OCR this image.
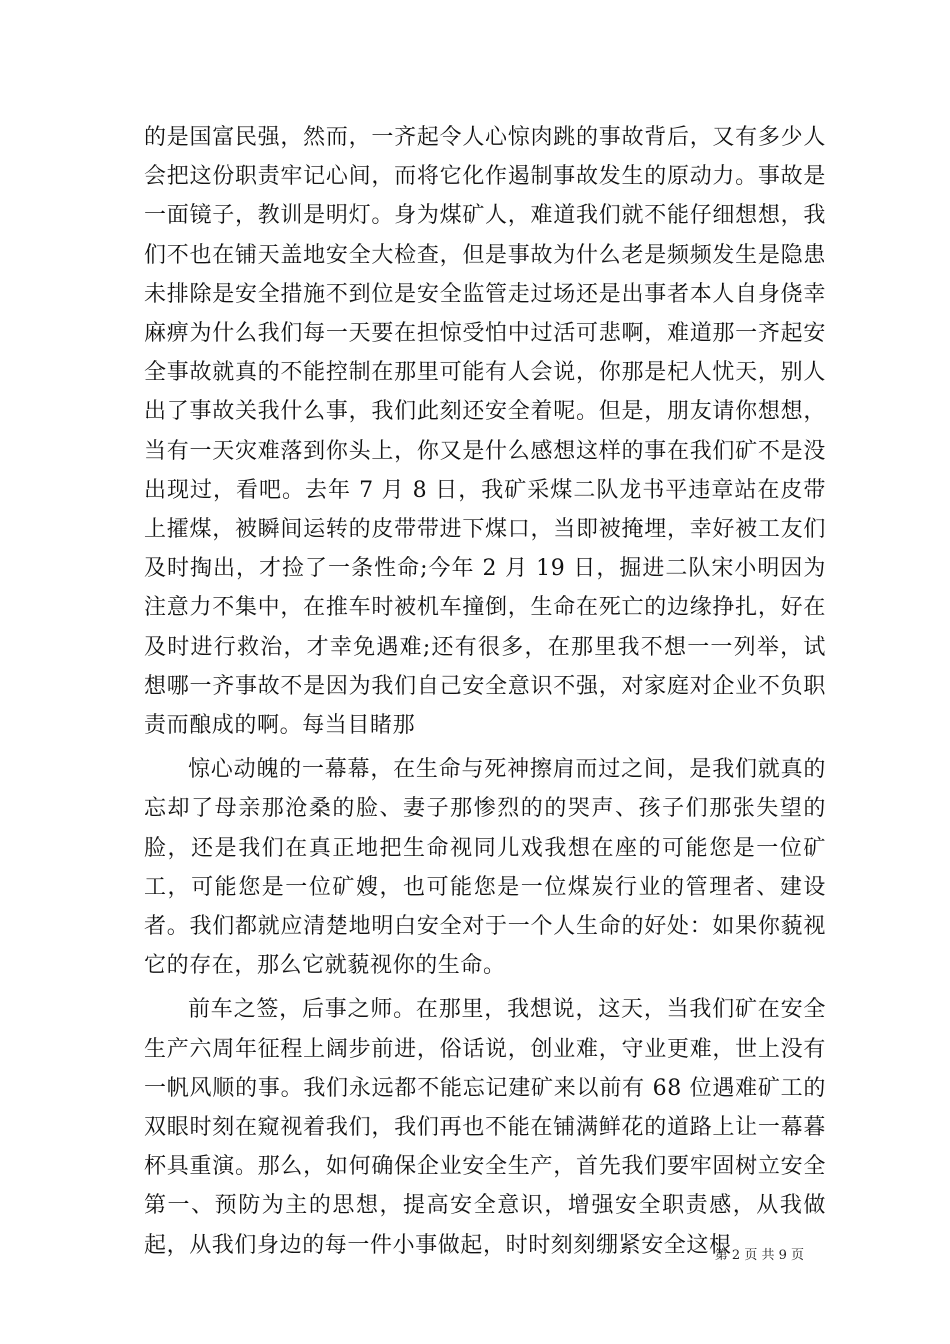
的是国富民强，然而，一齐起令人心惊肉跳的事故背后，又有多少人会把这份职责牢记心间，而将它化作遏制事故发生的原动力。事故是一面镜子，教训是明灯。身为煤矿人，难道我们就不能仔细想想，我们不也在铺天盖地安全大检查，但是事故为什么老是频频发生是隐患未排除是安全措施不到位是安全监管走过场还是出事者本人自身侥幸麻痹为什么我们每一天要在担惊受怕中过活可悲啊，难道那一齐起安全事故就真的不能控制在那里可能有人会说，你那是杞人忧天，别人出了事故关我什么事，我们此刻还安全着呢。但是，朋友请你想想，当有一天灾难落到你头上，你又是什么感想这样的事在我们矿不是没出现过，看吧。去年 7 月 8 日，我矿采煤二队龙书平违章站在皮带上攉煤，被瞬间运转的皮带带进下煤口，当即被掩埋，幸好被工友们及时掏出，才捡了一条性命;今年 2 月 19 日，掘进二队宋小明因为注意力不集中，在推车时被机车撞倒，生命在死亡的边缘挣扎，好在及时进行救治，才幸免遇难;还有很多，在那里我不想一一列举，试想哪一齐事故不是因为我们自己安全意识不强，对家庭对企业不负职责而酿成的啊。每当目睹那

惊心动魄的一幕幕，在生命与死神擦肩而过之间，是我们就真的忘却了母亲那沧桑的脸、妻子那惨烈的的哭声、孩子们那张失望的脸，还是我们在真正地把生命视同儿戏我想在座的可能您是一位矿工，可能您是一位矿嫂，也可能您是一位煤炭行业的管理者、建设者。我们都就应清楚地明白安全对于一个人生命的好处：如果你藐视它的存在，那么它就藐视你的生命。

前车之签，后事之师。在那里，我想说，这天，当我们矿在安全生产六周年征程上阔步前进，俗话说，创业难，守业更难，世上没有一帆风顺的事。我们永远都不能忘记建矿来以前有 68 位遇难矿工的双眼时刻在窥视着我们，我们再也不能在铺满鲜花的道路上让一幕暮杯具重演。那么，如何确保企业安全生产，首先我们要牢固树立安全第一、预防为主的思想，提高安全意识，增强安全职责感，从我做起，从我们身边的每一件小事做起，时时刻刻绷紧安全这根

第 2 页 共 9 页
